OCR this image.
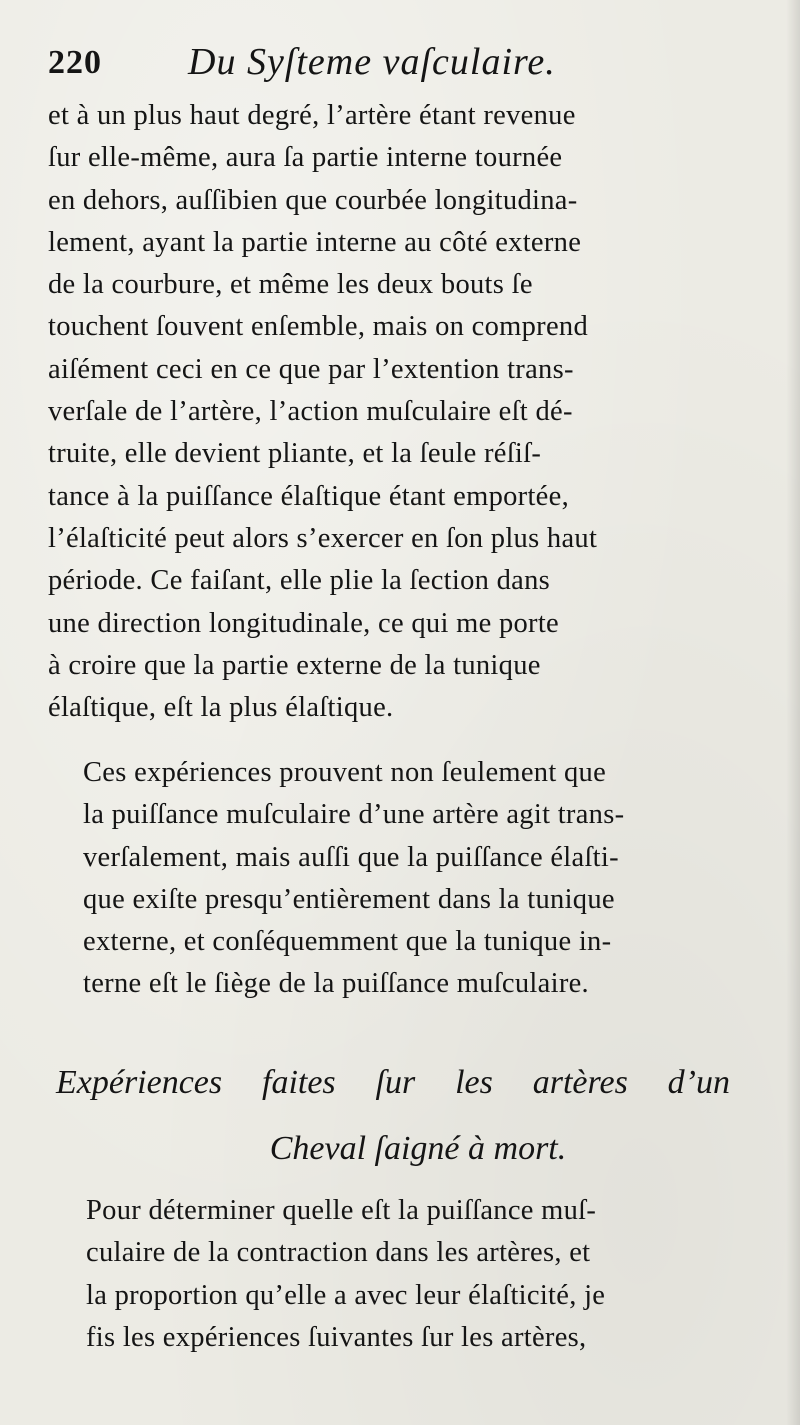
220 Du Syſteme vaſculaire.
et à un plus haut degré, l’artère étant revenue
ſur elle-même, aura ſa partie interne tournée
en dehors, auſſibien que courbée longitudina-
lement, ayant la partie interne au côté externe
de la courbure, et même les deux bouts ſe
touchent ſouvent enſemble, mais on comprend
aiſément ceci en ce que par l’extention trans-
verſale de l’artère, l’action muſculaire eſt dé-
truite, elle devient pliante, et la ſeule réſiſ-
tance à la puiſſance élaſtique étant emportée,
l’élaſticité peut alors s’exercer en ſon plus haut
période. Ce faiſant, elle plie la ſection dans
une direction longitudinale, ce qui me porte
à croire que la partie externe de la tunique
élaſtique, eſt la plus élaſtique.
Ces expériences prouvent non ſeulement que
la puiſſance muſculaire d’une artère agit trans-
verſalement, mais auſſi que la puiſſance élaſti-
que exiſte presqu’entièrement dans la tunique
externe, et conſéquemment que la tunique in-
terne eſt le ſiège de la puiſſance muſculaire.
Expériences faites ſur les artères d’un
Cheval ſaigné à mort.
Pour déterminer quelle eſt la puiſſance muſ-
culaire de la contraction dans les artères, et
la proportion qu’elle a avec leur élaſticité, je
fis les expériences ſuivantes ſur les artères,
